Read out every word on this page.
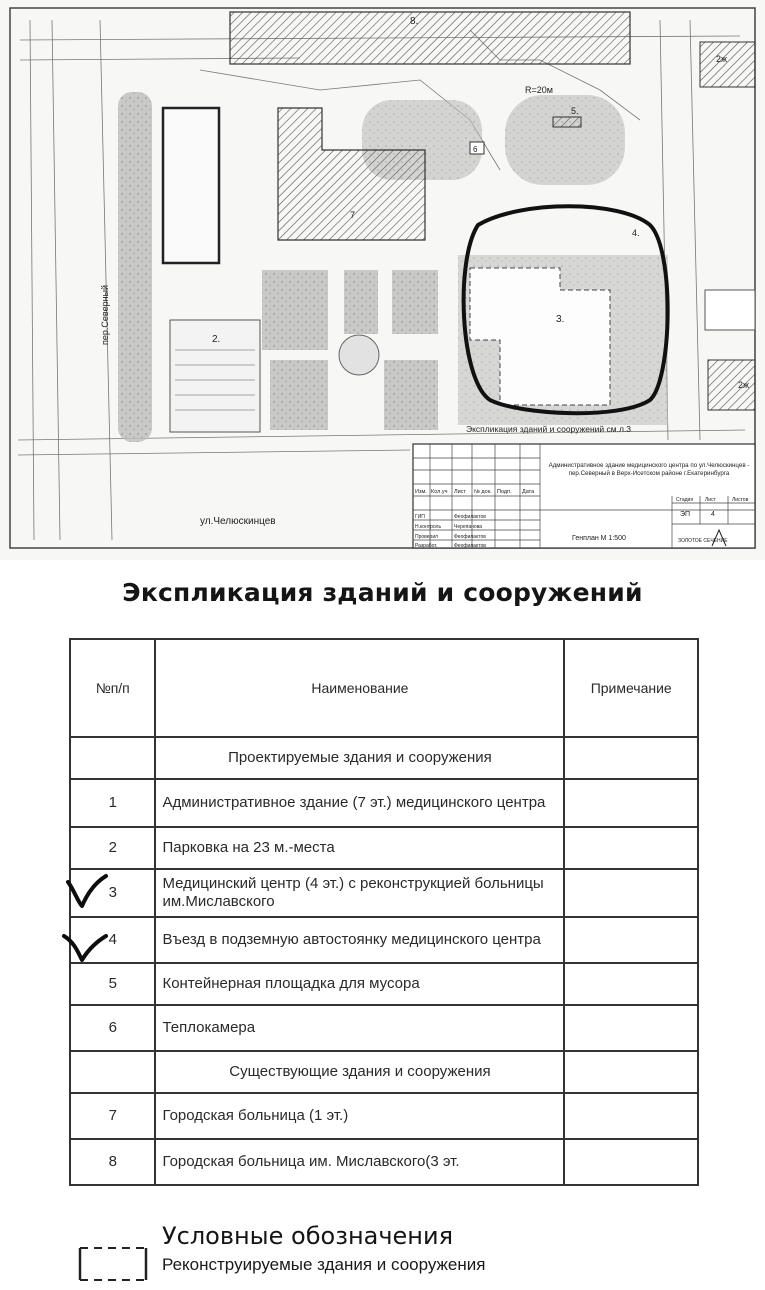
8.
7
2.
3.
4.
5.
R=20м
6
2ж
2ж
ул.Челюскинцев
пер.Северный
Экспликация зданий и сооружений см.л.3
Изм. Кол.уч Лист № док. Подп. Дата
ГИП	Феофилактов
Н.контроль	Черепанова
Проверил	Феофилактов
Разработ.	Феофилактов
Административное здание медицинского центра по ул.Челюскинцев - пер.Северный в Верх-Исетском районе г.Екатеринбурга
Стадия Лист	Листов
ЭП	4
Генплан М 1:500	ЗОЛОТОЕ СЕЧЕНИЕ
Экспликация зданий и сооружений
№п/п	Наименование	Примечание
	Проектируемые здания и сооружения	
1	Административное здание (7 эт.) медицинского центра	
2	Парковка на 23 м.-места	
3	Медицинский центр (4 эт.) с реконструкцией больницы им.Миславского	
4	Въезд в подземную автостоянку медицинского центра	
5	Контейнерная площадка для мусора	
6	Теплокамера	
	Существующие здания и сооружения	
7	Городская больница (1 эт.)	
8	Городская больница им. Миславского(3 эт.	
Условные обозначения
Реконструируемые здания и сооружения
